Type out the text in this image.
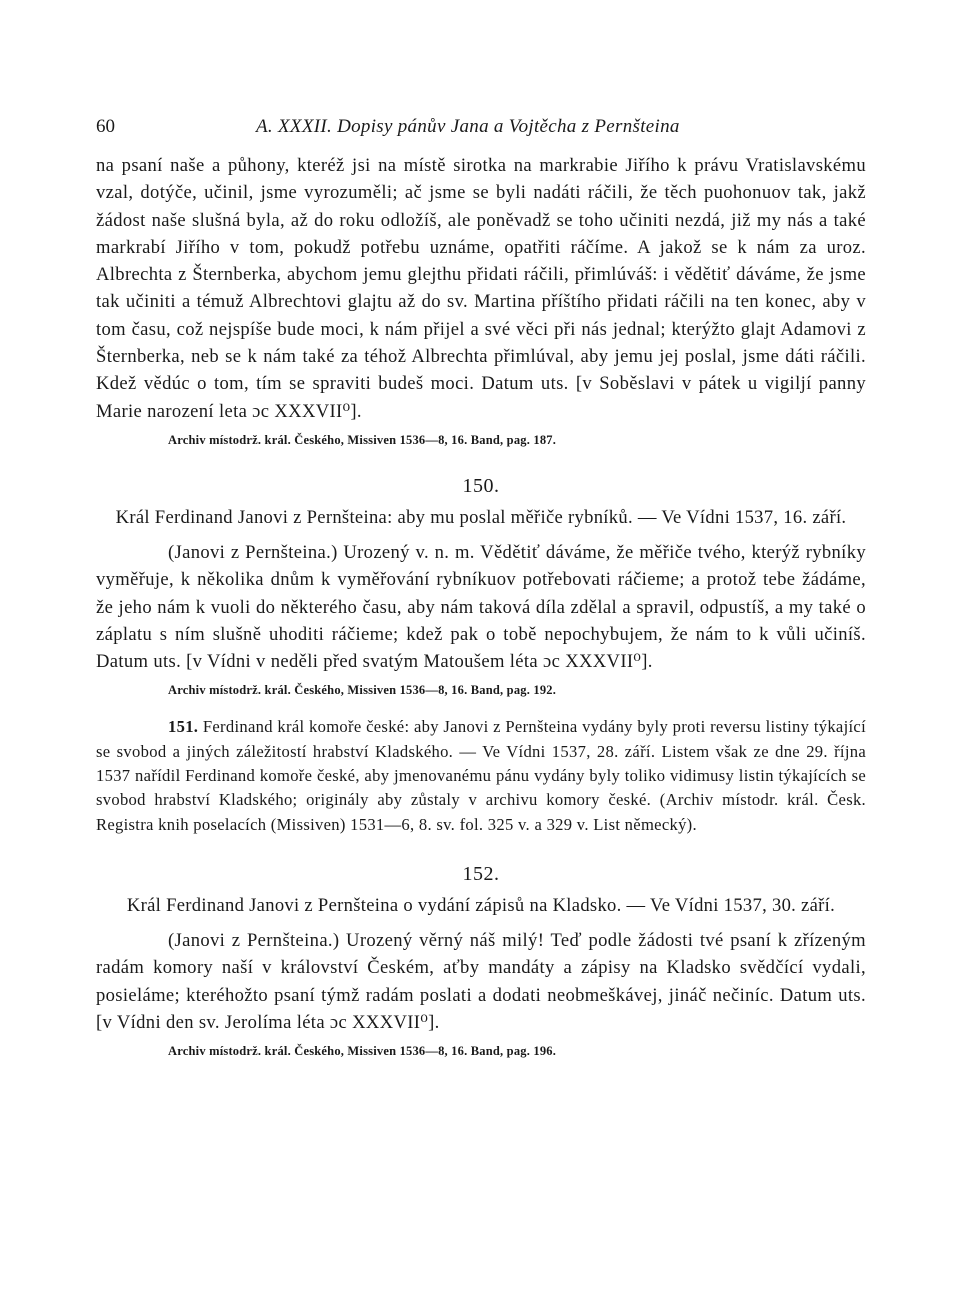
60	A. XXXII. Dopisy pánův Jana a Vojtěcha z Pernšteina

na psaní naše a půhony, kteréž jsi na místě sirotka na markrabie Jiřího k právu Vratislavskému vzal, dotýče, učinil, jsme vyrozuměli; ač jsme se byli nadáti ráčili, že těch puohonuov tak, jakž žádost naše slušná byla, až do roku odložíš, ale poněvadž se toho učiniti nezdá, již my nás a také markrabí Jiřího v tom, pokudž potřebu uznáme, opatřiti ráčíme. A jakož se k nám za uroz. Albrechta z Šternberka, abychom jemu glejthu přidati ráčili, přimlúváš: i vědětiť dáváme, že jsme tak učiniti a témuž Albrechtovi glajtu až do sv. Martina příštího přidati ráčili na ten konec, aby v tom času, což nejspíše bude moci, k nám přijel a své věci při nás jednal; kterýžto glajt Adamovi z Šternberka, neb se k nám také za téhož Albrechta přimlúval, aby jemu jej poslal, jsme dáti ráčili. Kdež vědúc o tom, tím se spraviti budeš moci. Datum uts. [v Soběslavi v pátek u vigiljí panny Marie narození leta ɔc XXXVII⁰].

Archiv místodrž. král. Českého, Missiven 1536—8, 16. Band, pag. 187.
150.
Král Ferdinand Janovi z Pernšteina: aby mu poslal měřiče rybníků. — Ve Vídni 1537, 16. září.

(Janovi z Pernšteina.) Urozený v. n. m. Vědětiť dáváme, že měřiče tvého, kterýž rybníky vyměřuje, k několika dnům k vyměřování rybníkuov potřebovati ráčieme; a protož tebe žádáme, že jeho nám k vuoli do některého času, aby nám taková díla zdělal a spravil, odpustíš, a my také o záplatu s ním slušně uhoditi ráčieme; kdež pak o tobě nepochybujem, že nám to k vůli učiníš. Datum uts. [v Vídni v neděli před svatým Matoušem léta ɔc XXXVII⁰].

Archiv místodrž. král. Českého, Missiven 1536—8, 16. Band, pag. 192.
151. Ferdinand král komoře české: aby Janovi z Pernšteina vydány byly proti reversu listiny týkající se svobod a jiných záležitostí hrabství Kladského. — Ve Vídni 1537, 28. září. Listem však ze dne 29. října 1537 nařídil Ferdinand komoře české, aby jmenovanému pánu vydány byly toliko vidimusy listin týkajících se svobod hrabství Kladského; originály aby zůstaly v archivu komory české. (Archiv místodr. král. Česk. Registra knih poselacích (Missiven) 1531—6, 8. sv. fol. 325 v. a 329 v. List německý).
152.
Král Ferdinand Janovi z Pernšteina o vydání zápisů na Kladsko. — Ve Vídni 1537, 30. září.

(Janovi z Pernšteina.) Urozený věrný náš milý! Teď podle žádosti tvé psaní k zřízeným radám komory naší v království Českém, aťby mandáty a zápisy na Kladsko svědčící vydali, posieláme; kteréhožto psaní týmž radám poslati a dodati neobmeškávej, jináč nečiníc. Datum uts. [v Vídni den sv. Jerolíma léta ɔc XXXVII⁰].

Archiv místodrž. král. Českého, Missiven 1536—8, 16. Band, pag. 196.
